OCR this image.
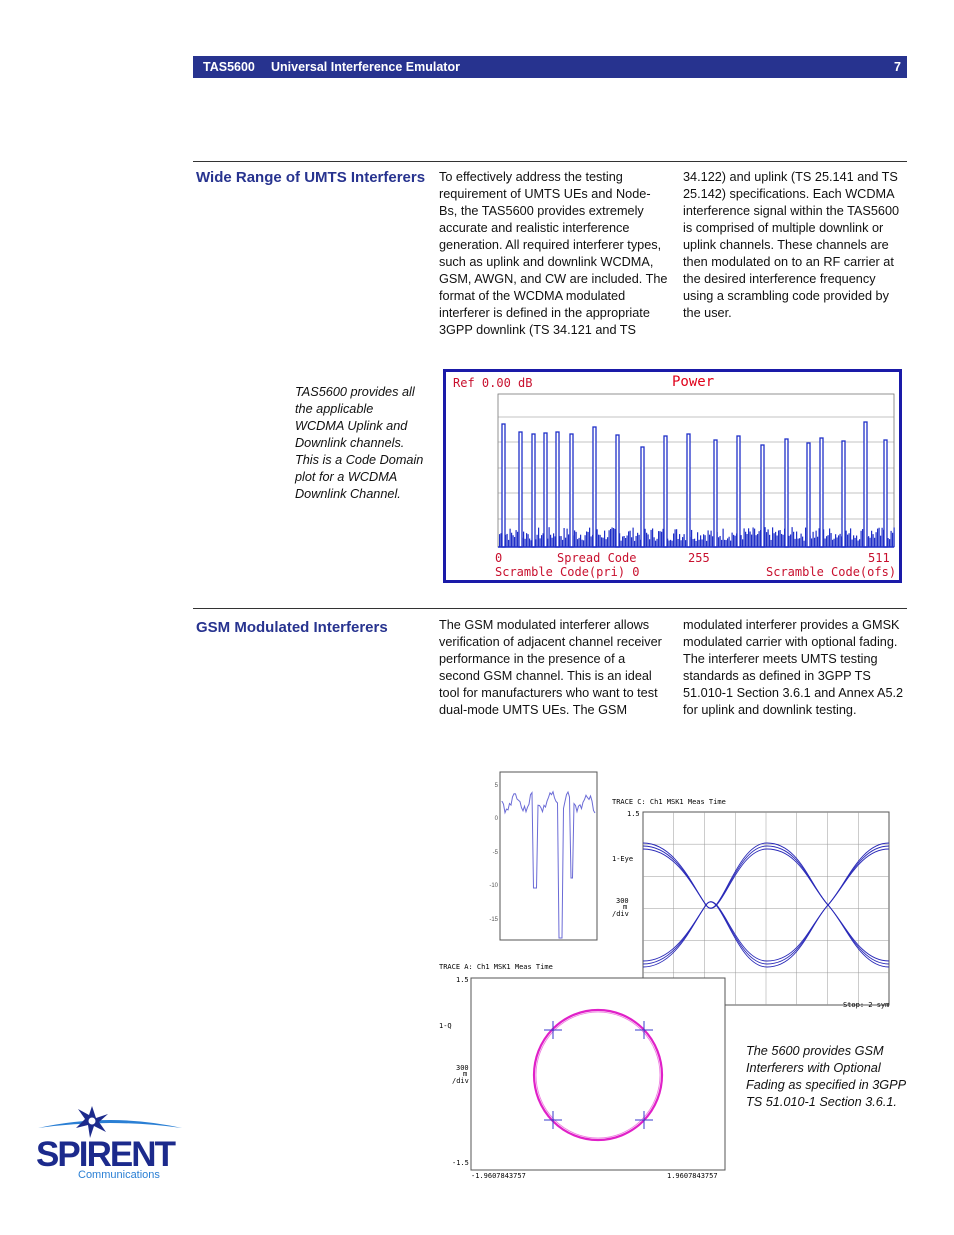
TAS5600 Universal Interference Emulator	7
Wide Range of UMTS Interferers To effectively address the testing
requirement of UMTS UEs and Node-
Bs, the TAS5600 provides extremely
accurate and realistic interference
generation. All required interferer types,
such as uplink and downlink WCDMA,
GSM, AWGN, and CW are included. The
format of the WCDMA modulated
interferer is defined in the appropriate
3GPP downlink (TS 34.121 and TS
34.122) and uplink (TS 25.141 and TS
25.142) specifications. Each WCDMA
interference signal within the TAS5600
is comprised of multiple downlink or
uplink channels. These channels are
then modulated on to an RF carrier at
the desired interference frequency
using a scrambling code provided by
the user.
TAS5600 provides all
the applicable
WCDMA Uplink and
Downlink channels.
This is a Code Domain
plot for a WCDMA
Downlink Channel.
Ref 0.00 dB	Power
0	Spread Code	255	511
Scramble Code(pri) 0	Scramble Code(ofs) 0
GSM Modulated Interferers	The GSM modulated interferer allows
verification of adjacent channel receiver
performance in the presence of a
second GSM channel. This is an ideal
tool for manufacturers who want to test
dual-mode UMTS UEs. The GSM
modulated interferer provides a GMSK
modulated carrier with optional fading.
The interferer meets UMTS testing
standards as defined in 3GPP TS
51.010-1 Section 3.6.1 and Annex A5.2
for uplink and downlink testing.
The 5600 provides GSM
Interferers with Optional
Fading as specified in 3GPP
TS 51.010-1 Section 3.6.1.
5
0
-5
-10
-15
TRACE C: Ch1 MSK1 Meas Time
1.5
1-Eye
300
m
/div
Stop: 2 sym
TRACE A: Ch1 MSK1 Meas Time
1.5
1-Q
300
m
/div
-1.5
-1.9607843757	1.9607843757
SPIRENT
Communications
